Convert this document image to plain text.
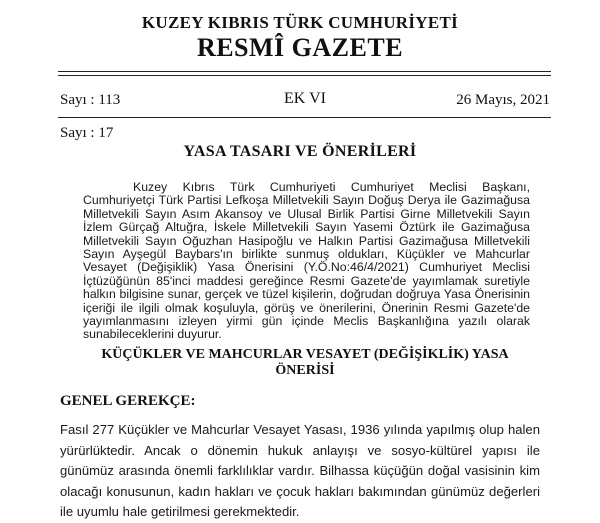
KUZEY KIBRIS TÜRK CUMHURİYETİ
RESMÎ GAZETE
Sayı : 113	EK VI	26 Mayıs, 2021
Sayı : 17
YASA TASARI VE ÖNERİLERİ

Kuzey Kıbrıs Türk Cumhuriyeti Cumhuriyet Meclisi Başkanı, Cumhuriyetçi Türk Partisi Lefkoşa Milletvekili Sayın Doğuş Derya ile Gazimağusa Milletvekili Sayın Asım Akansoy ve Ulusal Birlik Partisi Girne Milletvekili Sayın İzlem Gürçağ Altuğra, İskele Milletvekili Sayın Yasemi Öztürk ile Gazimağusa Milletvekili Sayın Oğuzhan Hasipoğlu ve Halkın Partisi Gazimağusa Milletvekili Sayın Ayşegül Baybars'ın birlikte sunmuş oldukları, Küçükler ve Mahcurlar Vesayet (Değişiklik) Yasa Önerisini (Y.Ö.No:46/4/2021) Cumhuriyet Meclisi İçtüzüğünün 85'inci maddesi gereğince Resmi Gazete'de yayımlamak suretiyle halkın bilgisine sunar, gerçek ve tüzel kişilerin, doğrudan doğruya Yasa Önerisinin içeriği ile ilgili olmak koşuluyla, görüş ve önerilerini, Önerinin Resmi Gazete'de yayımlanmasını izleyen yirmi gün içinde Meclis Başkanlığına yazılı olarak sunabileceklerini duyurur.

KÜÇÜKLER VE MAHCURLAR VESAYET (DEĞİŞİKLİK) YASA ÖNERİSİ
GENEL GEREKÇE:

Fasıl 277 Küçükler ve Mahcurlar Vesayet Yasası, 1936 yılında yapılmış olup halen yürürlüktedir. Ancak o dönemin hukuk anlayışı ve sosyo-kültürel yapısı ile günümüz arasında önemli farklılıklar vardır. Bilhassa küçüğün doğal vasisinin kim olacağı konusunun, kadın hakları ve çocuk hakları bakımından günümüz değerleri ile uyumlu hale getirilmesi gerekmektedir.
